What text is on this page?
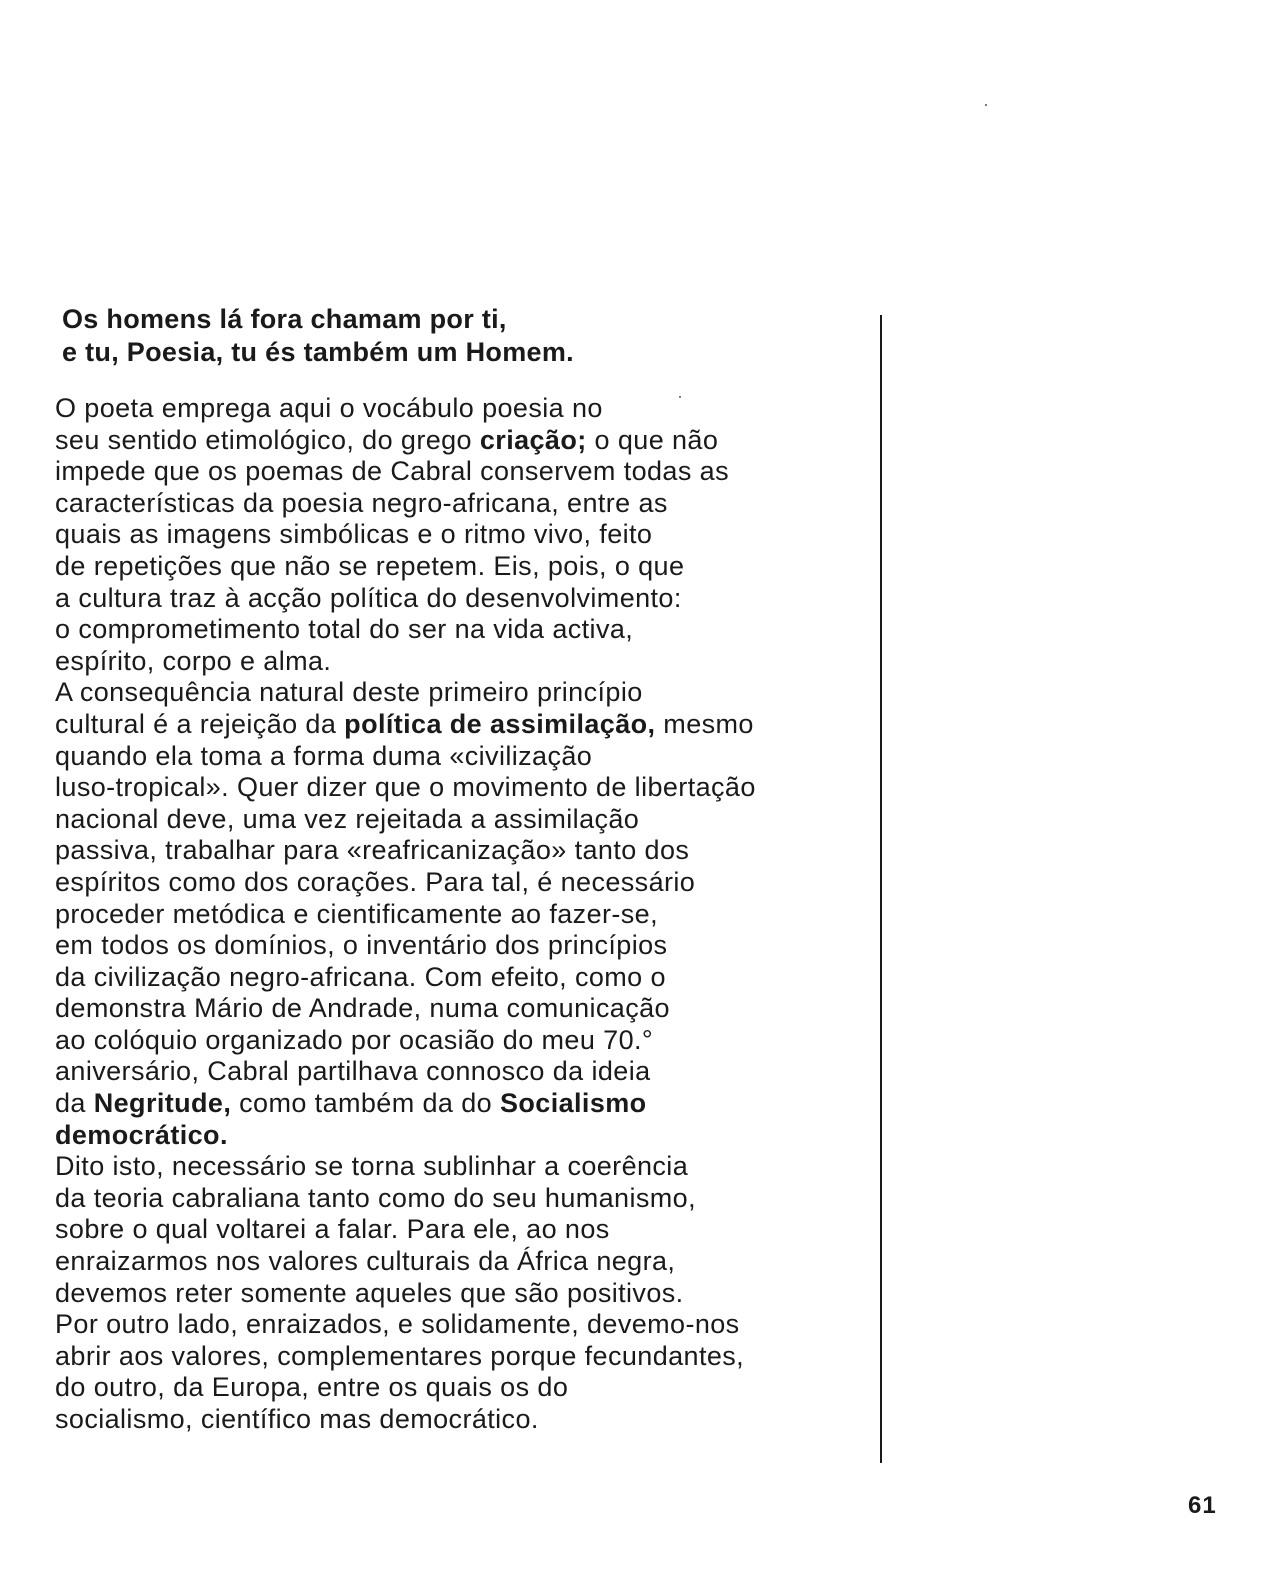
Os homens lá fora chamam por ti,
e tu, Poesia, tu és também um Homem.
O poeta emprega aqui o vocábulo poesia no
seu sentido etimológico, do grego criação; o que não
impede que os poemas de Cabral conservem todas as
características da poesia negro-africana, entre as
quais as imagens simbólicas e o ritmo vivo, feito
de repetições que não se repetem. Eis, pois, o que
a cultura traz à acção política do desenvolvimento:
o comprometimento total do ser na vida activa,
espírito, corpo e alma.
A consequência natural deste primeiro princípio
cultural é a rejeição da política de assimilação, mesmo
quando ela toma a forma duma «civilização
luso-tropical». Quer dizer que o movimento de libertação
nacional deve, uma vez rejeitada a assimilação
passiva, trabalhar para «reafricanização» tanto dos
espíritos como dos corações. Para tal, é necessário
proceder metódica e cientificamente ao fazer-se,
em todos os domínios, o inventário dos princípios
da civilização negro-africana. Com efeito, como o
demonstra Mário de Andrade, numa comunicação
ao colóquio organizado por ocasião do meu 70.°
aniversário, Cabral partilhava connosco da ideia
da Negritude, como também da do Socialismo
democrático.
Dito isto, necessário se torna sublinhar a coerência
da teoria cabraliana tanto como do seu humanismo,
sobre o qual voltarei a falar. Para ele, ao nos
enraizarmos nos valores culturais da África negra,
devemos reter somente aqueles que são positivos.
Por outro lado, enraizados, e solidamente, devemo-nos
abrir aos valores, complementares porque fecundantes,
do outro, da Europa, entre os quais os do
socialismo, científico mas democrático.
61
